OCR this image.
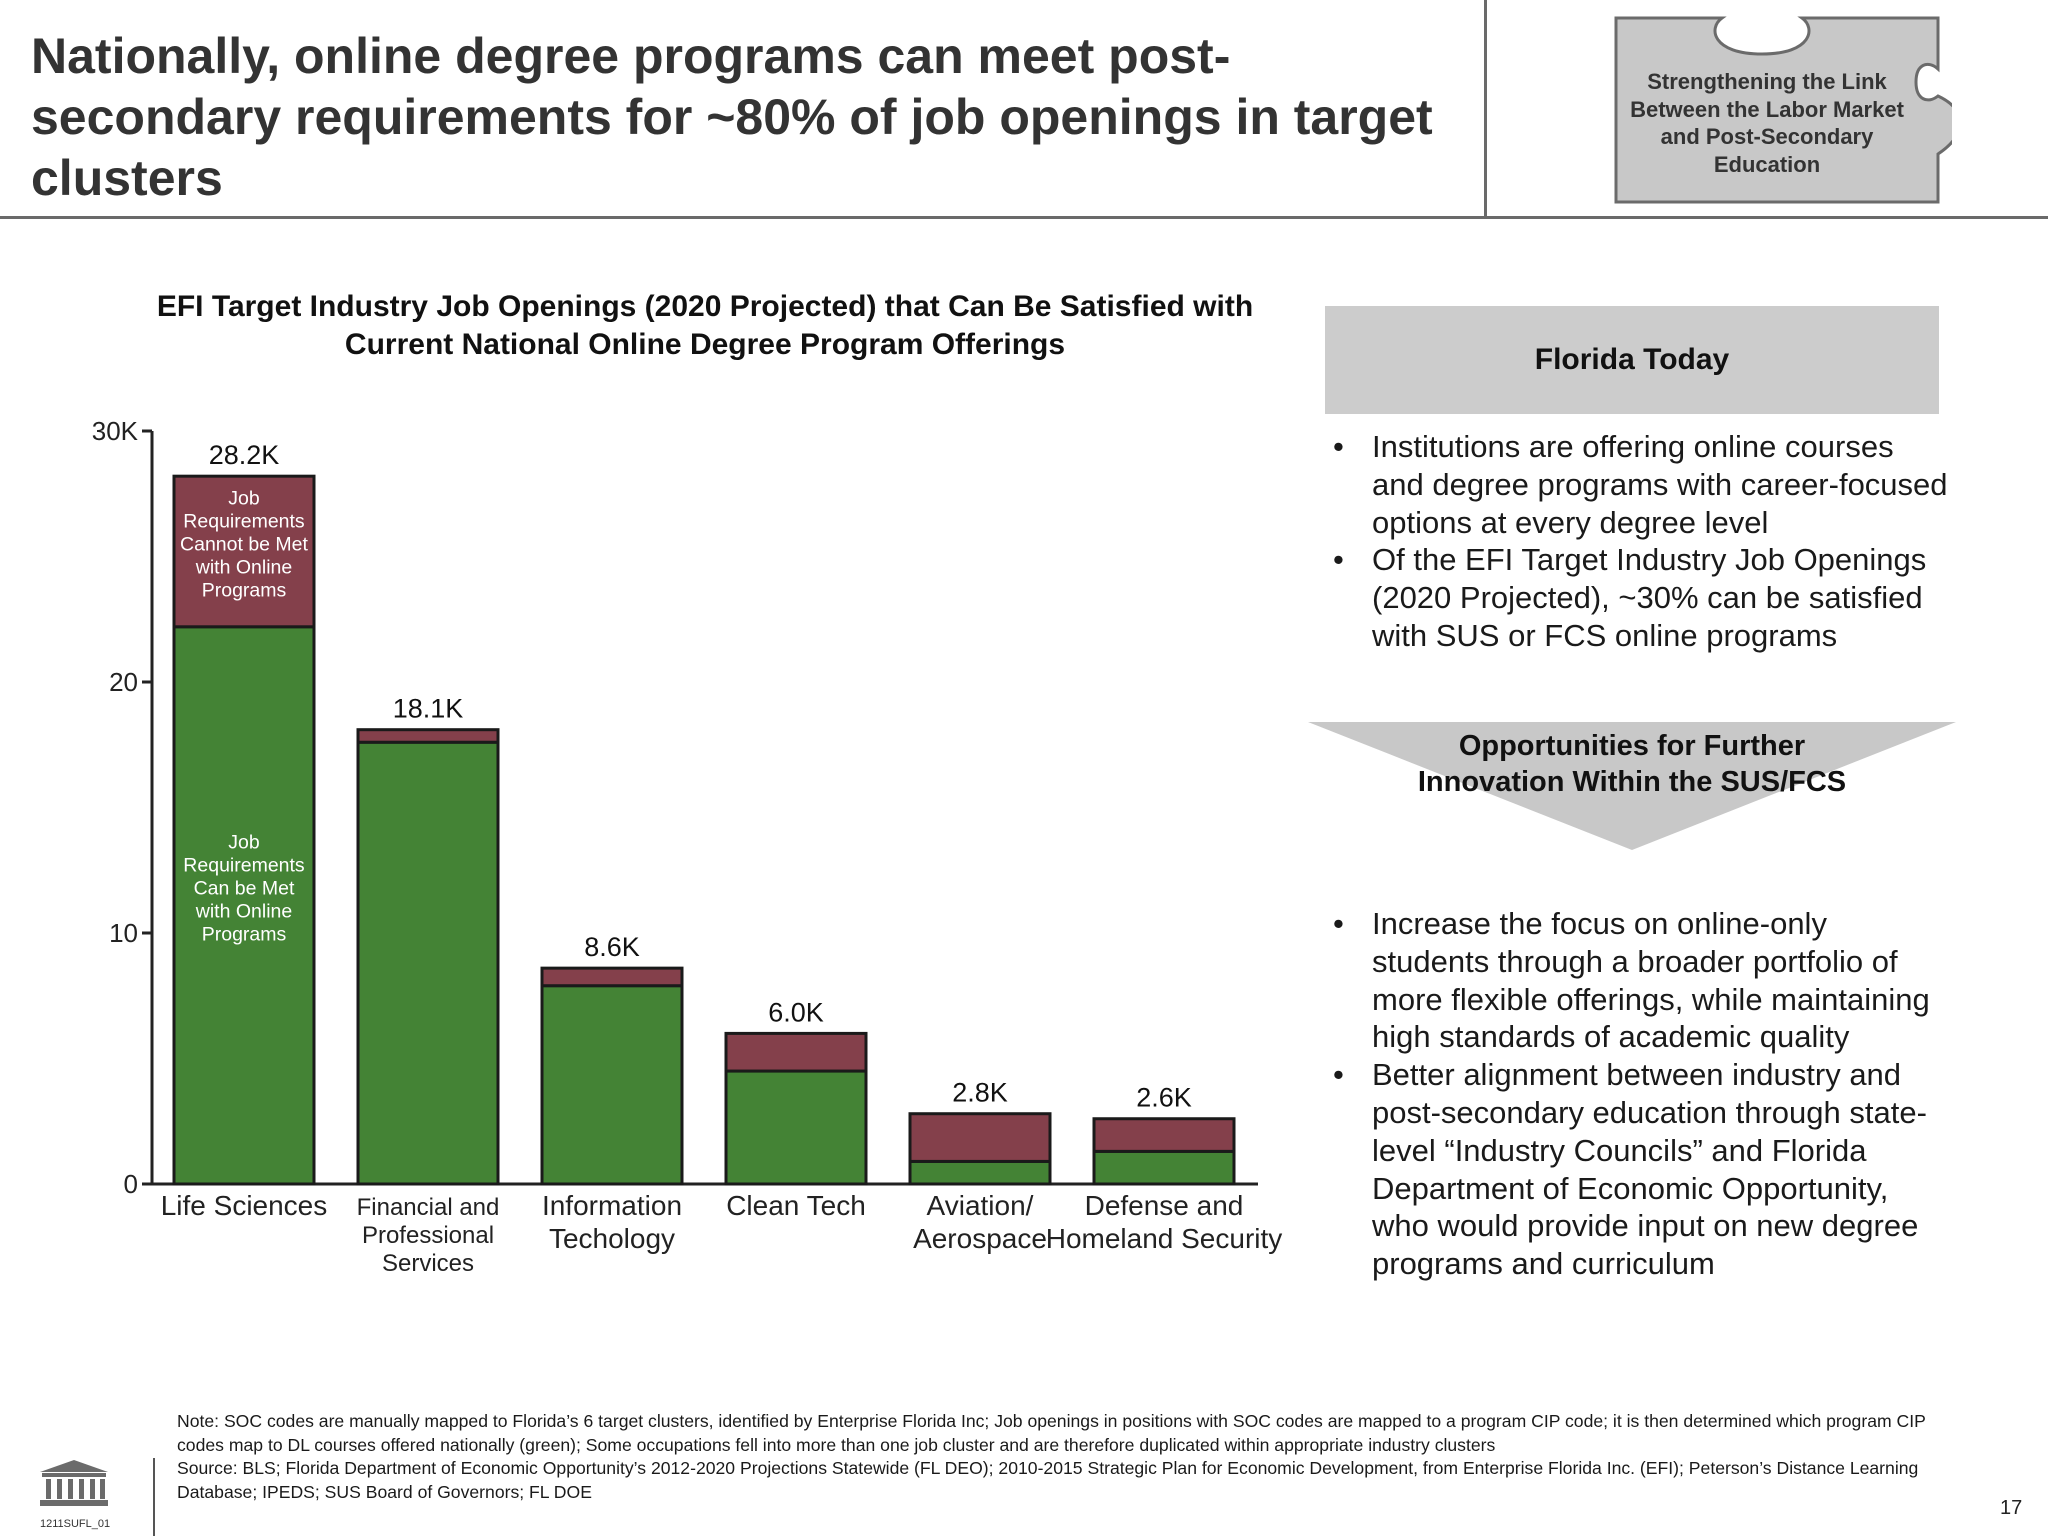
Nationally, online degree programs can meet post-secondary requirements for ~80% of job openings in target clusters
Strengthening the Link Between the Labor Market and Post-Secondary Education
EFI Target Industry Job Openings (2020 Projected) that Can Be Satisfied with Current National Online Degree Program Offerings
0
10
20
30K
28.2K
Life Sciences
18.1K
Financial and
Professional
Services
8.6K
Information
Techology
6.0K
Clean Tech
2.8K
Aviation/
Aerospace
2.6K
Defense and
Homeland Security
Job
Requirements
Cannot be Met
with Online
Programs
Job
Requirements
Can be Met
with Online
Programs
Florida Today
• Institutions are offering online courses and degree programs with career-focused options at every degree level
• Of the EFI Target Industry Job Openings (2020 Projected), ~30% can be satisfied with SUS or FCS online programs
Opportunities for Further Innovation Within the SUS/FCS
• Increase the focus on online-only students through a broader portfolio of more flexible offerings, while maintaining high standards of academic quality
• Better alignment between industry and post-secondary education through state-level “Industry Councils” and Florida Department of Economic Opportunity, who would provide input on new degree programs and curriculum
Note: SOC codes are manually mapped to Florida’s 6 target clusters, identified by Enterprise Florida Inc; Job openings in positions with SOC codes are mapped to a program CIP code; it is then determined which program CIP codes map to DL courses offered nationally (green); Some occupations fell into more than one job cluster and are therefore duplicated within appropriate industry clusters
Source: BLS; Florida Department of Economic Opportunity’s 2012-2020 Projections Statewide (FL DEO); 2010-2015 Strategic Plan for Economic Development, from Enterprise Florida Inc. (EFI); Peterson’s Distance Learning Database; IPEDS; SUS Board of Governors; FL DOE
1211SUFL_01
17
